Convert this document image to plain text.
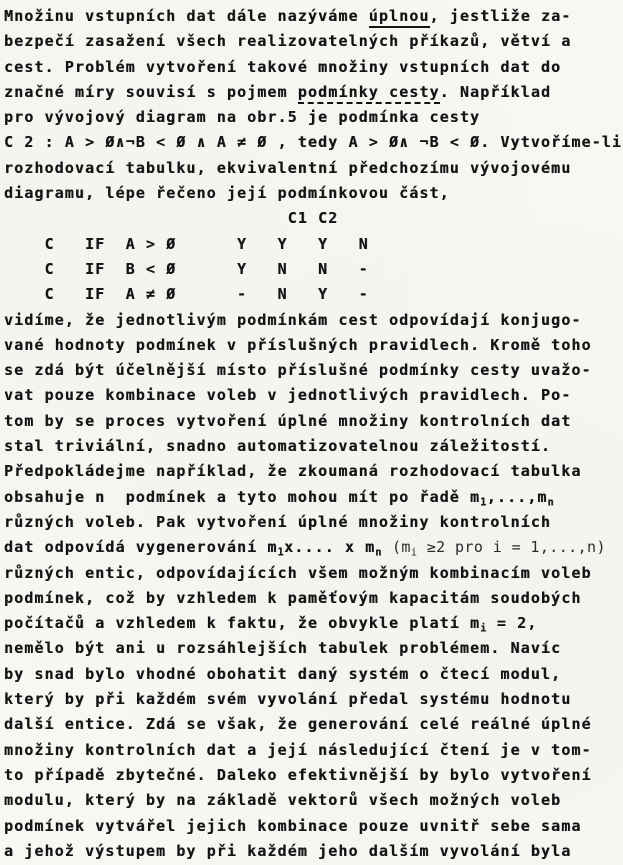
Množinu vstupních dat dále nazýváme úplnou, jestliže za-
bezpečí zasažení všech realizovatelných příkazů, větví a
cest. Problém vytvoření takové množiny vstupních dat do
značné míry souvisí s pojmem podmínky cesty. Například
pro vývojový diagram na obr.5 je podmínka cesty
C 2 : A > Ø∧¬B < Ø ∧ A ≠ Ø , tedy A > Ø∧ ¬B < Ø. Vytvoříme-li
rozhodovací tabulku, ekvivalentní předchozímu vývojovému
diagramu, lépe řečeno její podmínkovou část,
C1 C2
C   IF  A > Ø      Y   Y   Y   N
C   IF  B < Ø      Y   N   N   -
C   IF  A ≠ Ø      -   N   Y   -
vidíme, že jednotlivým podmínkám cest odpovídají konjugo-
vané hodnoty podmínek v příslušných pravidlech. Kromě toho
se zdá být účelnější místo příslušné podmínky cesty uvažo-
vat pouze kombinace voleb v jednotlivých pravidlech. Po-
tom by se proces vytvoření úplné množiny kontrolních dat
stal triviální, snadno automatizovatelnou záležitostí.
Předpokládejme například, že zkoumaná rozhodovací tabulka
obsahuje n  podmínek a tyto mohou mít po řadě $m_1,...,m_n$
různých voleb. Pak vytvoření úplné množiny kontrolních
dat odpovídá vygenerování $m_1x$.... x $m_n$ ($m_i \ge 2$ pro i = 1,...,n)
různých entic, odpovídajících všem možným kombinacím voleb
podmínek, což by vzhledem k paměťovým kapacitám soudobých
počítačů a vzhledem k faktu, že obvykle platí $m_i = 2$,
nemělo být ani u rozsáhlejších tabulek problémem. Navíc
by snad bylo vhodné obohatit daný systém o čtecí modul,
který by při každém svém vyvolání předal systému hodnotu
další entice. Zdá se však, že generování celé reálné úplné
množiny kontrolních dat a její následující čtení je v tom-
to případě zbytečné. Daleko efektivnější by bylo vytvoření
modulu, který by na základě vektorů všech možných voleb
podmínek vytvářel jejich kombinace pouze uvnitř sebe sama
a jehož výstupem by při každém jeho dalším vyvolání byla
